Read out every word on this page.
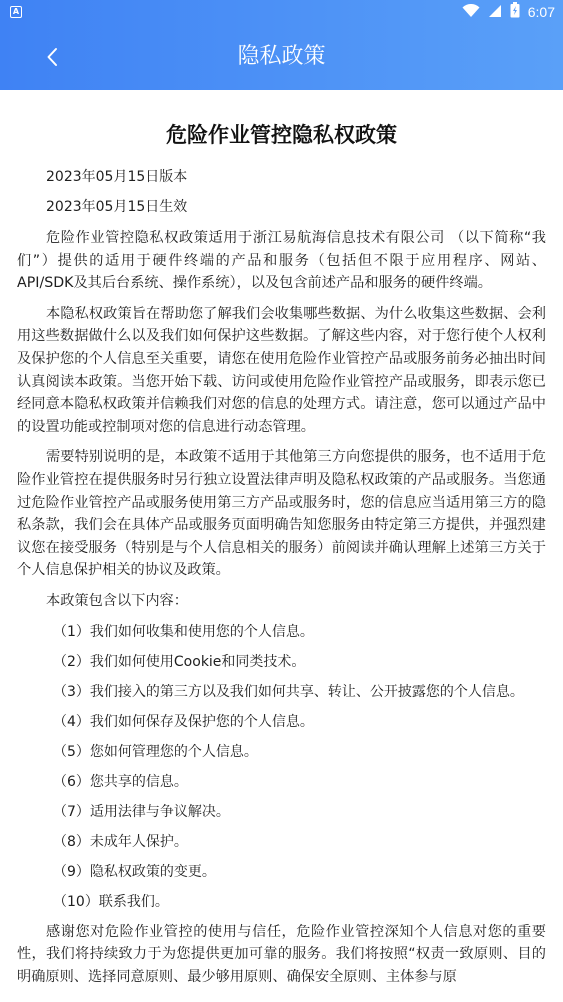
A	6:07
隐私政策
危险作业管控隐私权政策
2023年05月15日版本
2023年05月15日生效

危险作业管控隐私权政策适用于浙江易航海信息技术有限公司 （以下简称“我们”）提供的适用于硬件终端的产品和服务（包括但不限于应用程序、网站、API/SDK及其后台系统、操作系统），以及包含前述产品和服务的硬件终端。

本隐私权政策旨在帮助您了解我们会收集哪些数据、为什么收集这些数据、会利用这些数据做什么以及我们如何保护这些数据。了解这些内容，对于您行使个人权利及保护您的个人信息至关重要，请您在使用危险作业管控产品或服务前务必抽出时间认真阅读本政策。当您开始下载、访问或使用危险作业管控产品或服务，即表示您已经同意本隐私权政策并信赖我们对您的信息的处理方式。请注意，您可以通过产品中的设置功能或控制项对您的信息进行动态管理。

需要特别说明的是，本政策不适用于其他第三方向您提供的服务，也不适用于危险作业管控在提供服务时另行独立设置法律声明及隐私权政策的产品或服务。当您通过危险作业管控产品或服务使用第三方产品或服务时，您的信息应当适用第三方的隐私条款，我们会在具体产品或服务页面明确告知您服务由特定第三方提供，并强烈建议您在接受服务（特别是与个人信息相关的服务）前阅读并确认理解上述第三方关于个人信息保护相关的协议及政策。

本政策包含以下内容：

（1）我们如何收集和使用您的个人信息。

（2）我们如何使用Cookie和同类技术。

（3）我们接入的第三方以及我们如何共享、转让、公开披露您的个人信息。

（4）我们如何保存及保护您的个人信息。

（5）您如何管理您的个人信息。

（6）您共享的信息。

（7）适用法律与争议解决。

（8）未成年人保护。

（9）隐私权政策的变更。

（10）联系我们。

感谢您对危险作业管控的使用与信任，危险作业管控深知个人信息对您的重要性，我们将持续致力于为您提供更加可靠的服务。我们将按照“权责一致原则、目的明确原则、选择同意原则、最少够用原则、确保安全原则、主体参与原
